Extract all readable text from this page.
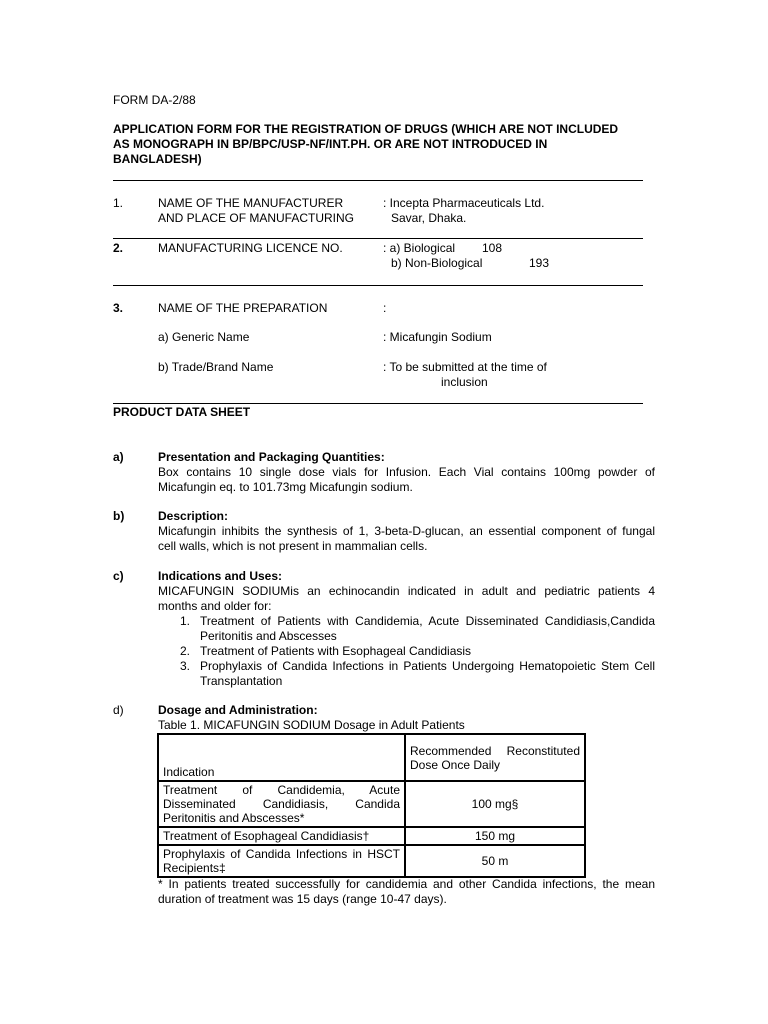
FORM DA-2/88
APPLICATION FORM FOR THE REGISTRATION OF DRUGS (WHICH ARE NOT INCLUDED
AS MONOGRAPH IN BP/BPC/USP-NF/INT.PH. OR ARE NOT INTRODUCED IN
BANGLADESH)
1.	NAME OF THE MANUFACTURER
AND PLACE OF MANUFACTURING
: Incepta Pharmaceuticals Ltd.
Savar, Dhaka.
2.	MANUFACTURING LICENCE NO.	: a) Biological 108
b) Non-Biological	193
3.	NAME OF THE PREPARATION	:
a) Generic Name	: Micafungin Sodium
b) Trade/Brand Name	: To be submitted at the time of
inclusion
PRODUCT DATA SHEET
a)	Presentation and Packaging Quantities:
Box contains 10 single dose vials for Infusion. Each Vial contains 100mg powder of
Micafungin eq. to 101.73mg Micafungin sodium.
b)	Description:
Micafungin inhibits the synthesis of 1, 3-beta-D-glucan, an essential component of fungal
cell walls, which is not present in mammalian cells.
c)	Indications and Uses:
MICAFUNGIN SODIUMis an echinocandin indicated in adult and pediatric patients 4
months and older for:
1. Treatment of Patients with Candidemia, Acute Disseminated Candidiasis,Candida Peritonitis and Abscesses
2. Treatment of Patients with Esophageal Candidiasis
3. Prophylaxis of Candida Infections in Patients Undergoing Hematopoietic Stem Cell Transplantation
d)	Dosage and Administration:
Table 1. MICAFUNGIN SODIUM Dosage in Adult Patients
Indication	Recommended Reconstituted Dose Once Daily
Treatment of Candidemia, Acute Disseminated Candidiasis, Candida Peritonitis and Abscesses*	100 mg§
Treatment of Esophageal Candidiasis†	150 mg
Prophylaxis of Candida Infections in HSCT Recipients‡	50 m
* In patients treated successfully for candidemia and other Candida infections, the mean
duration of treatment was 15 days (range 10-47 days).
